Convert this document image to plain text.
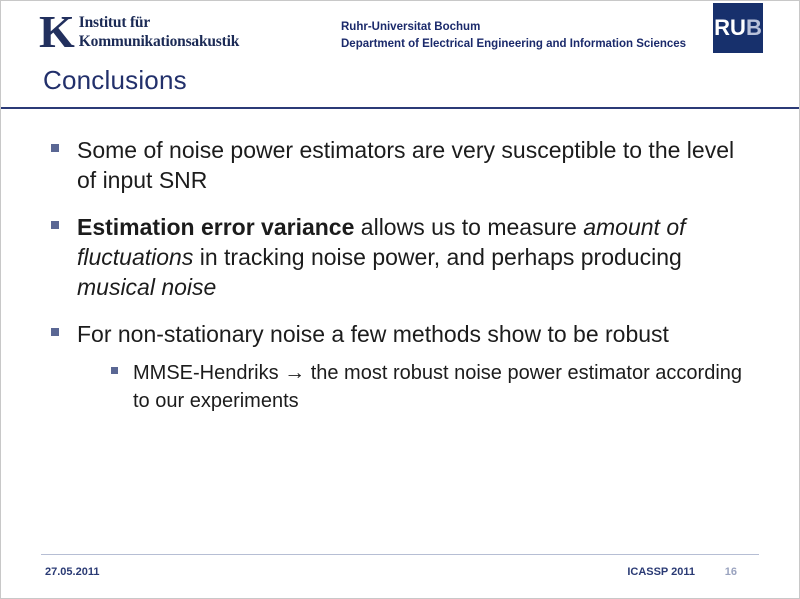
K Institut für
Kommunikationsakustik
Ruhr-Universitat Bochum
Department of Electrical Engineering and Information Sciences
RU B
Conclusions
Some of noise power estimators are very susceptible to the level of input SNR
Estimation error variance allows us to measure amount of fluctuations in tracking noise power, and perhaps producing musical noise
For non-stationary noise a few methods show to be robust
MMSE-Hendriks → the most robust noise power estimator according to our experiments
27.05.2011	ICASSP 2011	16
